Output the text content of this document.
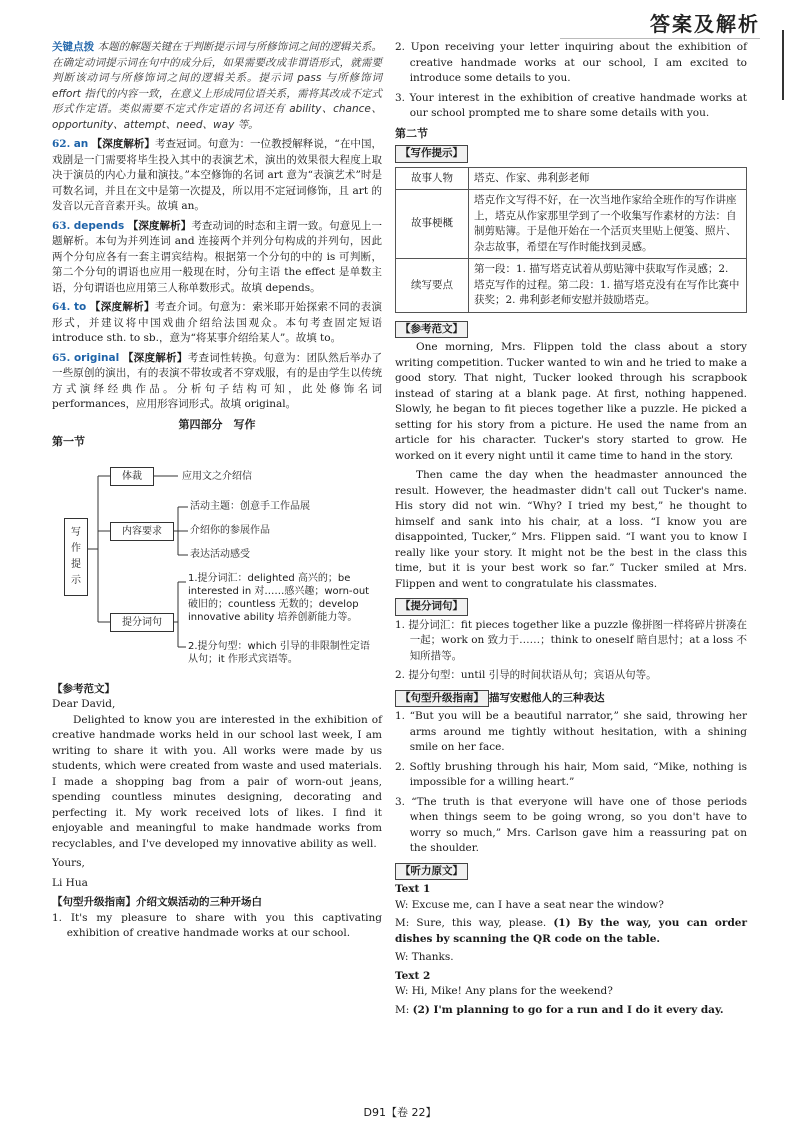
答案及解析

关键点拨 本题的解题关键在于判断提示词与所修饰词之间的逻辑关系。在确定动词提示词在句中的成分后，如果需要改成非谓语形式，就需要判断该动词与所修饰词之间的逻辑关系。提示词 pass 与所修饰词 effort 指代的内容一致，在意义上形成同位语关系，需将其改成不定式形式作定语。类似需要不定式作定语的名词还有 ability、chance、opportunity、attempt、need、way 等。

62. an 【深度解析】考查冠词。句意为：一位教授解释说，“在中国，戏剧是一门需要将毕生投入其中的表演艺术，演出的效果很大程度上取决于演员的内心力量和演技。”本空修饰的名词 art 意为“表演艺术”时是可数名词，并且在文中是第一次提及，所以用不定冠词修饰，且 art 的发音以元音音素开头。故填 an。

63. depends 【深度解析】考查动词的时态和主谓一致。句意见上一题解析。本句为并列连词 and 连接两个并列分句构成的并列句，因此两个分句应各有一套主谓宾结构。根据第一个分句的中的 is 可判断，第二个分句的谓语也应用一般现在时，分句主语 the effect 是单数主语，分句谓语也应用第三人称单数形式。故填 depends。

64. to 【深度解析】考查介词。句意为：索米耶开始探索不同的表演形式，并建议将中国戏曲介绍给法国观众。本句考查固定短语 introduce sth. to sb.，意为“将某事介绍给某人”。故填 to。

65. original 【深度解析】考查词性转换。句意为：团队然后举办了一些原创的演出，有的表演不带妆或者不穿戏服，有的是由学生以传统方式演绎经典作品。分析句子结构可知，此处修饰名词 performances，应用形容词形式。故填 original。

第四部分　写作
第一节
写作提示
体裁
内容要求
提分词句
应用文之介绍信
活动主题：创意手工作品展
介绍你的参展作品
表达活动感受
1.提分词汇：delighted 高兴的；be interested in 对……感兴趣；worn-out 破旧的；countless 无数的；develop innovative ability 培养创新能力等。
2.提分句型：which 引导的非限制性定语从句；it 作形式宾语等。
【参考范文】

Dear David,

Delighted to know you are interested in the exhibition of creative handmade works held in our school last week, I am writing to share it with you. All works were made by us students, which were created from waste and used materials. I made a shopping bag from a pair of worn-out jeans, spending countless minutes designing, decorating and perfecting it. My work received lots of likes. I find it enjoyable and meaningful to make handmade works from recyclables, and I've developed my innovative ability as well.

Yours,

Li Hua

【句型升级指南】介绍文娱活动的三种开场白

1. It's my pleasure to share with you this captivating exhibition of creative handmade works at our school.

2. Upon receiving your letter inquiring about the exhibition of creative handmade works at our school, I am excited to introduce some details to you.

3. Your interest in the exhibition of creative handmade works at our school prompted me to share some details with you.

第二节
【写作提示】
故事人物	塔克、作家、弗利彭老师
故事梗概	塔克作文写得不好，在一次当地作家给全班作的写作讲座上，塔克从作家那里学到了一个收集写作素材的方法：自制剪贴簿。于是他开始在一个活页夹里贴上便笺、照片、杂志故事，希望在写作时能找到灵感。
续写要点	第一段：1. 描写塔克试着从剪贴簿中获取写作灵感；2. 塔克写作的过程。第二段：1. 描写塔克没有在写作比赛中获奖；2. 弗利彭老师安慰并鼓励塔克。
【参考范文】

One morning, Mrs. Flippen told the class about a story writing competition. Tucker wanted to win and he tried to make a good story. That night, Tucker looked through his scrapbook instead of staring at a blank page. At first, nothing happened. Slowly, he began to fit pieces together like a puzzle. He picked a setting for his story from a picture. He used the name from an article for his character. Tucker's story started to grow. He worked on it every night until it came time to hand in the story.

Then came the day when the headmaster announced the result. However, the headmaster didn't call out Tucker's name. His story did not win. “Why? I tried my best,” he thought to himself and sank into his chair, at a loss. “I know you are disappointed, Tucker,” Mrs. Flippen said. “I want you to know I really like your story. It might not be the best in the class this time, but it is your best work so far.” Tucker smiled at Mrs. Flippen and went to congratulate his classmates.

【提分词句】

1. 提分词汇：fit pieces together like a puzzle 像拼图一样将碎片拼凑在一起；work on 致力于……；think to oneself 暗自思忖；at a loss 不知所措等。

2. 提分句型：until 引导的时间状语从句；宾语从句等。

【句型升级指南】 描写安慰他人的三种表达

1. “But you will be a beautiful narrator,” she said, throwing her arms around me tightly without hesitation, with a shining smile on her face.

2. Softly brushing through his hair, Mom said, “Mike, nothing is impossible for a willing heart.”

3. “The truth is that everyone will have one of those periods when things seem to be going wrong, so you don't have to worry so much,” Mrs. Carlson gave him a reassuring pat on the shoulder.

【听力原文】
Text 1

W: Excuse me, can I have a seat near the window?

M: Sure, this way, please. (1) By the way, you can order dishes by scanning the QR code on the table.

W: Thanks.

Text 2

W: Hi, Mike! Any plans for the weekend?

M: (2) I'm planning to go for a run and I do it every day.

D91【卷 22】
